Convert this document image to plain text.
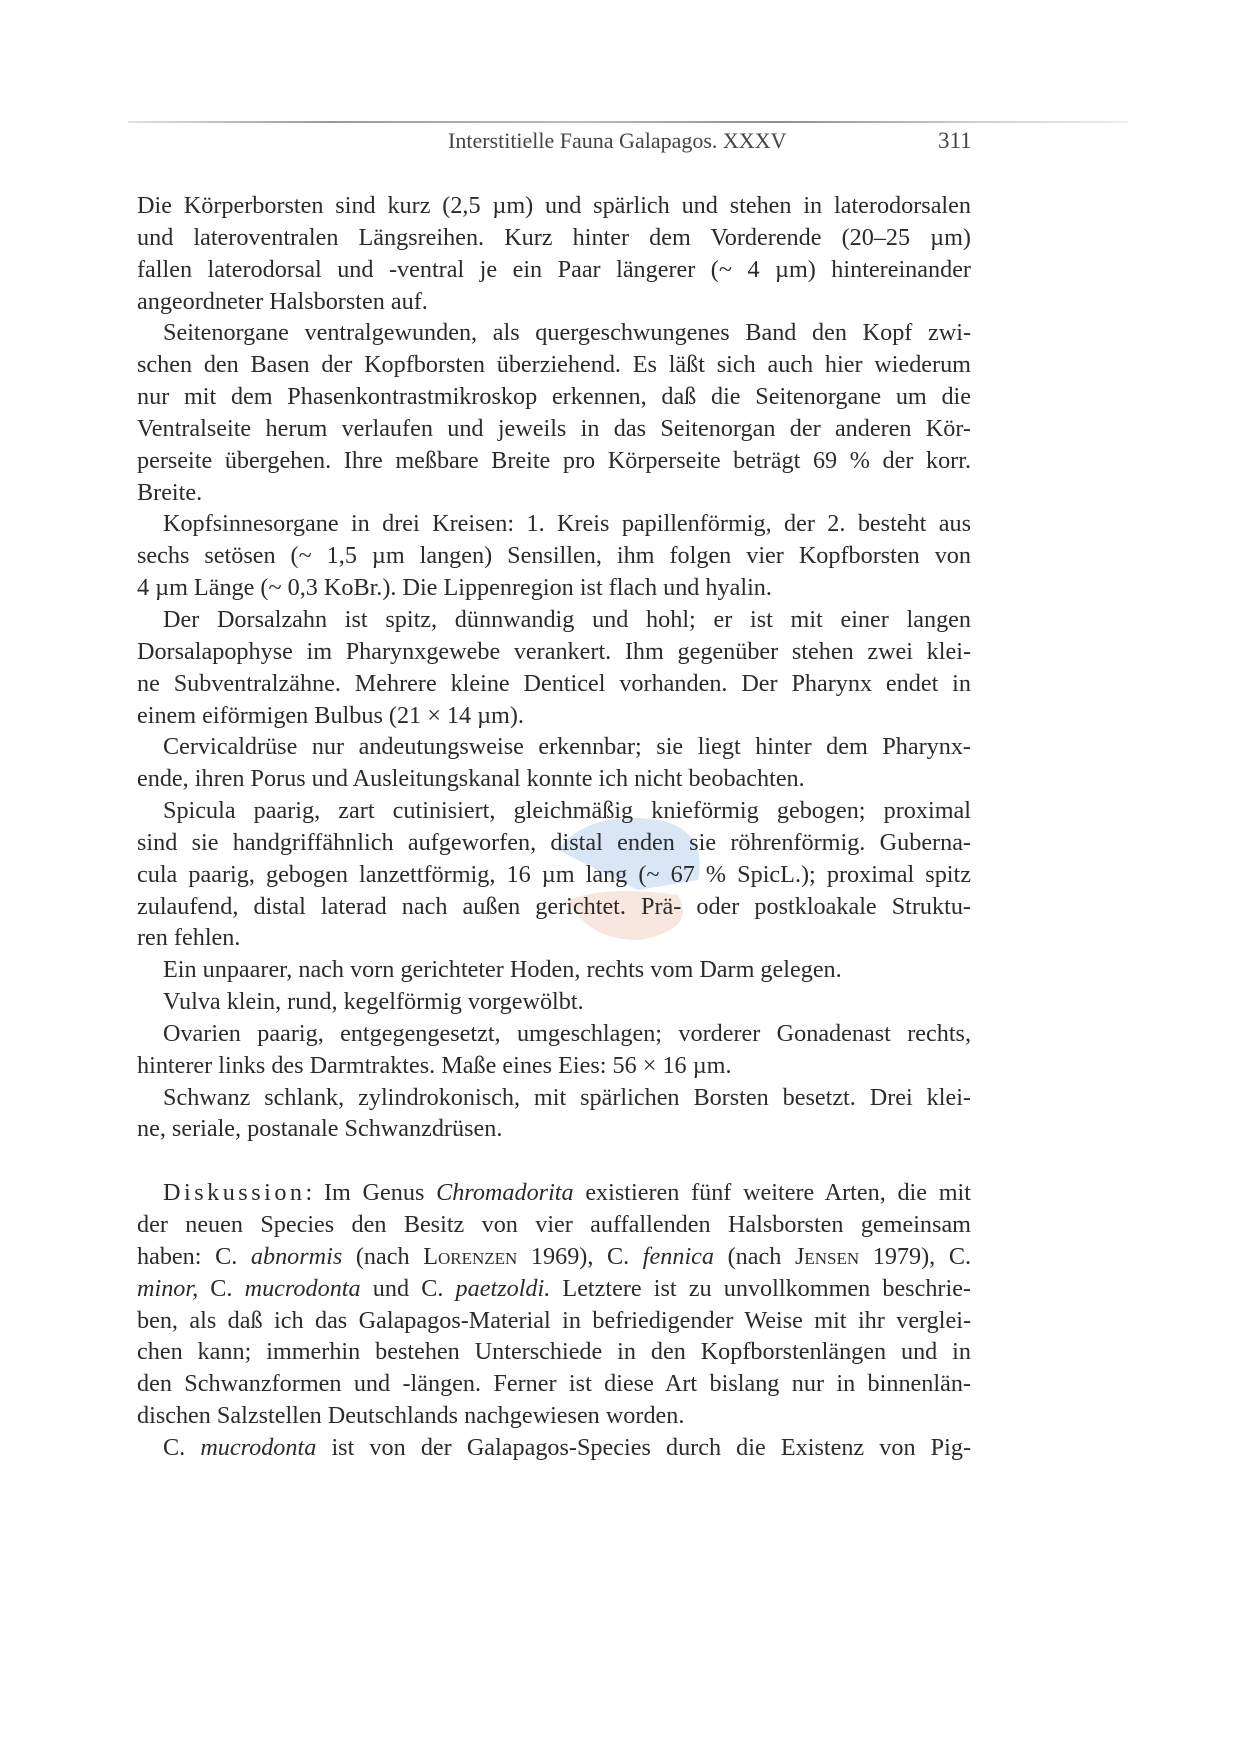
Interstitielle Fauna Galapagos. XXXV	311
Die Körperborsten sind kurz (2,5 µm) und spärlich und stehen in laterodorsalen
und lateroventralen Längsreihen. Kurz hinter dem Vorderende (20–25 µm)
fallen laterodorsal und -ventral je ein Paar längerer (~ 4 µm) hintereinander
angeordneter Halsborsten auf.
Seitenorgane ventralgewunden, als quergeschwungenes Band den Kopf zwi-
schen den Basen der Kopfborsten überziehend. Es läßt sich auch hier wiederum
nur mit dem Phasenkontrastmikroskop erkennen, daß die Seitenorgane um die
Ventralseite herum verlaufen und jeweils in das Seitenorgan der anderen Kör-
perseite übergehen. Ihre meßbare Breite pro Körperseite beträgt 69 % der korr.
Breite.
Kopfsinnesorgane in drei Kreisen: 1. Kreis papillenförmig, der 2. besteht aus
sechs setösen (~ 1,5 µm langen) Sensillen, ihm folgen vier Kopfborsten von
4 µm Länge (~ 0,3 KoBr.). Die Lippenregion ist flach und hyalin.
Der Dorsalzahn ist spitz, dünnwandig und hohl; er ist mit einer langen
Dorsalapophyse im Pharynxgewebe verankert. Ihm gegenüber stehen zwei klei-
ne Subventralzähne. Mehrere kleine Denticel vorhanden. Der Pharynx endet in
einem eiförmigen Bulbus (21 × 14 µm).
Cervicaldrüse nur andeutungsweise erkennbar; sie liegt hinter dem Pharynx-
ende, ihren Porus und Ausleitungskanal konnte ich nicht beobachten.
Spicula paarig, zart cutinisiert, gleichmäßig knieförmig gebogen; proximal
sind sie handgriffähnlich aufgeworfen, distal enden sie röhrenförmig. Guberna-
cula paarig, gebogen lanzettförmig, 16 µm lang (~ 67 % SpicL.); proximal spitz
zulaufend, distal laterad nach außen gerichtet. Prä- oder postkloakale Struktu-
ren fehlen.
Ein unpaarer, nach vorn gerichteter Hoden, rechts vom Darm gelegen.
Vulva klein, rund, kegelförmig vorgewölbt.
Ovarien paarig, entgegengesetzt, umgeschlagen; vorderer Gonadenast rechts,
hinterer links des Darmtraktes. Maße eines Eies: 56 × 16 µm.
Schwanz schlank, zylindrokonisch, mit spärlichen Borsten besetzt. Drei klei-
ne, seriale, postanale Schwanzdrüsen.
Diskussion: Im Genus Chromadorita existieren fünf weitere Arten, die mit
der neuen Species den Besitz von vier auffallenden Halsborsten gemeinsam
haben: C. abnormis (nach Lorenzen 1969), C. fennica (nach Jensen 1979), C.
minor, C. mucrodonta und C. paetzoldi. Letztere ist zu unvollkommen beschrie-
ben, als daß ich das Galapagos-Material in befriedigender Weise mit ihr verglei-
chen kann; immerhin bestehen Unterschiede in den Kopfborstenlängen und in
den Schwanzformen und -längen. Ferner ist diese Art bislang nur in binnenlän-
dischen Salzstellen Deutschlands nachgewiesen worden.
C. mucrodonta ist von der Galapagos-Species durch die Existenz von Pig-
